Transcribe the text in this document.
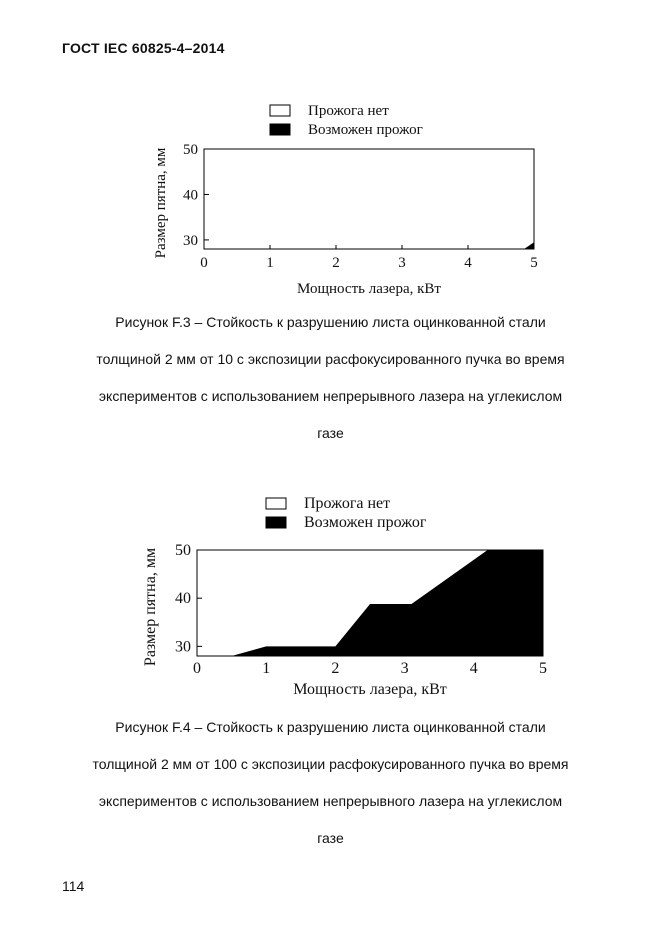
ГОСТ IEC 60825-4–2014
Прожога нет
Возможен прожог
0	1	2	3	4	5
30
40
50
Мощность лазера, кВт
Размер пятна, мм
Рисунок F.3 – Стойкость к разрушению листа оцинкованной стали
толщиной 2 мм от 10 с экспозиции расфокусированного пучка во время
экспериментов с использованием непрерывного лазера на углекислом
газе
Прожога нет
Возможен прожог
0	1	2	3	4	5
30
40
50
Мощность лазера, кВт
Размер пятна, мм
Рисунок F.4 – Стойкость к разрушению листа оцинкованной стали
толщиной 2 мм от 100 с экспозиции расфокусированного пучка во время
экспериментов с использованием непрерывного лазера на углекислом
газе
114
